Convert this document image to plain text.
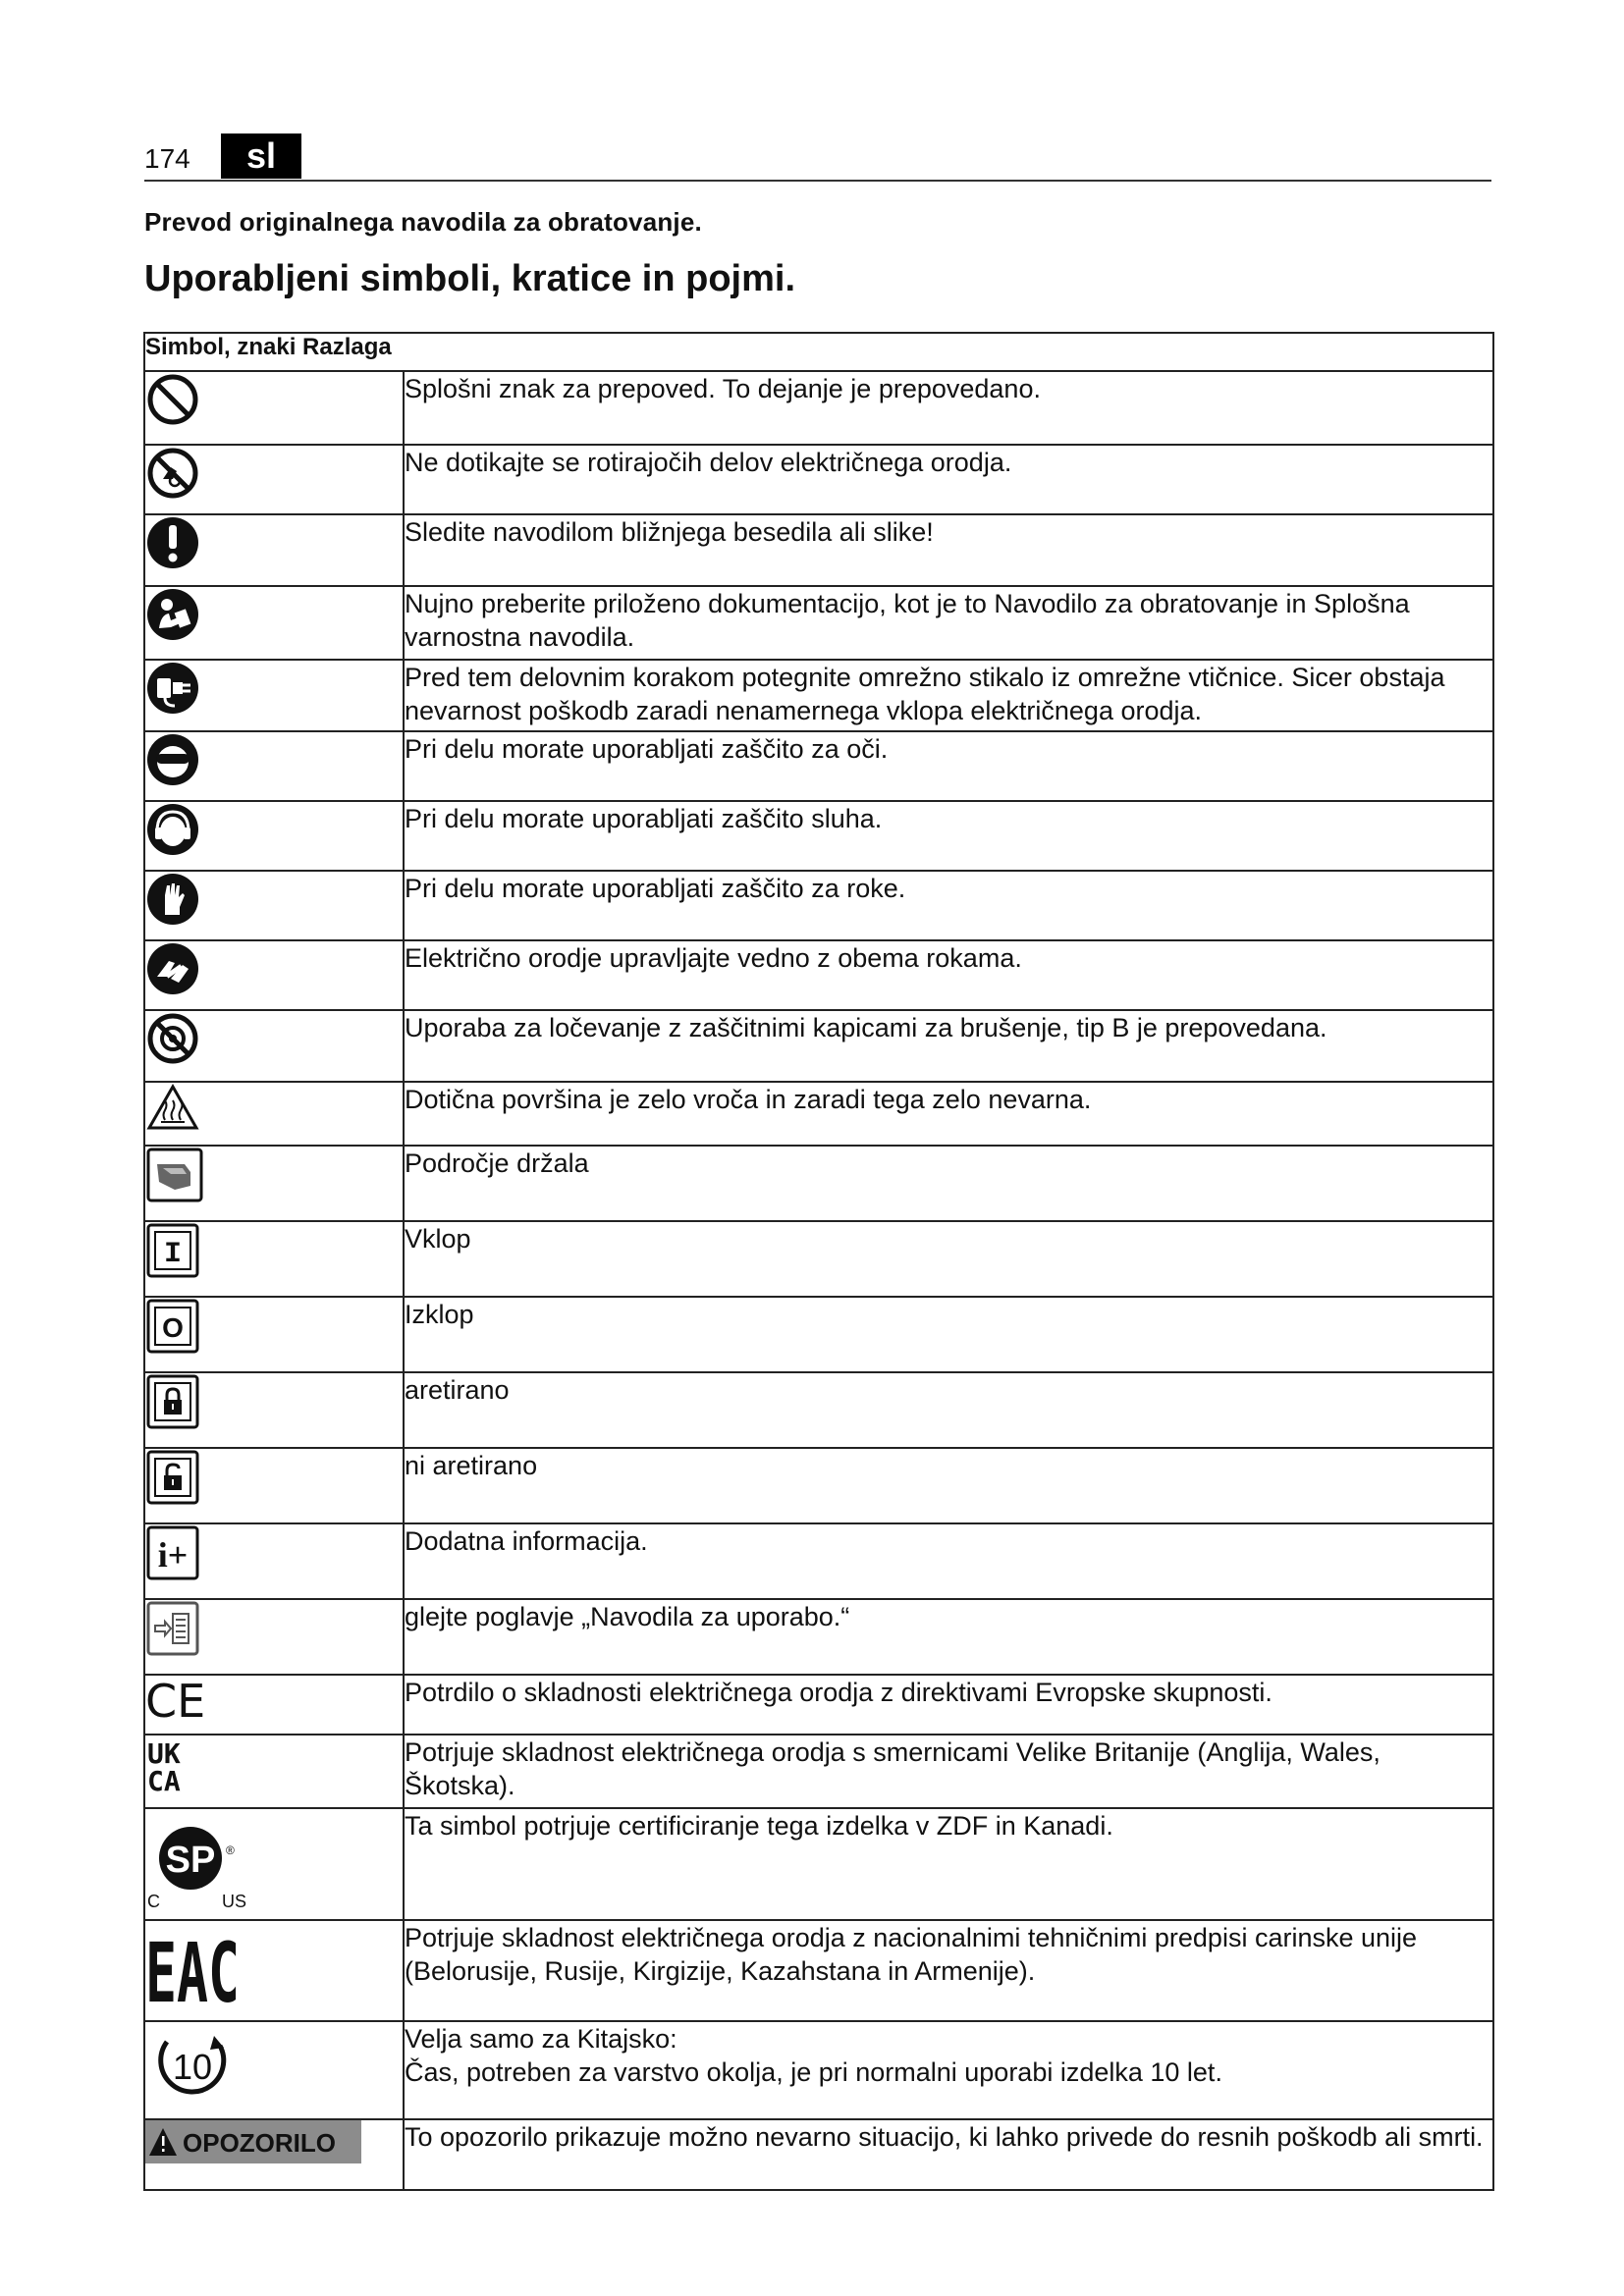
174	sl
Prevod originalnega navodila za obratovanje.
Uporabljeni simboli, kratice in pojmi.
Simbol, znaki Razlaga	

	Splošni znak za prepoved. To dejanje je prepovedano.

	Ne dotikajte se rotirajočih delov električnega orodja.

	Sledite navodilom bližnjega besedila ali slike!

	Nujno preberite priloženo dokumentacijo, kot je to Navodilo za obratovanje in Splošna varnostna navodila.

	Pred tem delovnim korakom potegnite omrežno stikalo iz omrežne vtičnice. Sicer obstaja nevarnost poškodb zaradi nenamernega vklopa električnega orodja.

	Pri delu morate uporabljati zaščito za oči.

	Pri delu morate uporabljati zaščito sluha.

	Pri delu morate uporabljati zaščito za roke.

	Električno orodje upravljajte vedno z obema rokama.

	Uporaba za ločevanje z zaščitnimi kapicami za brušenje, tip B je prepovedana.

	Dotična površina je zelo vroča in zaradi tega zelo nevarna.

	Področje držala

I	Vklop

O	Izklop

	aretirano

	ni aretirano

i+	Dodatna informacija.

	glejte poglavje „Navodila za uporabo.“

CE	Potrdilo o skladnosti električnega orodja z direktivami Evropske skupnosti.

UK
CA	Potrjuje skladnost električnega orodja s smernicami Velike Britanije (Anglija, Wales, Škotska).

SP
C US
®	Ta simbol potrjuje certificiranje tega izdelka v ZDF in Kanadi.

EAC	Potrjuje skladnost električnega orodja z nacionalnimi tehničnimi predpisi carinske unije (Belorusije, Rusije, Kirgizije, Kazahstana in Armenije).

10	Velja samo za Kitajsko:
Čas, potreben za varstvo okolja, je pri normalni uporabi izdelka 10 let.

OPOZORILO	To opozorilo prikazuje možno nevarno situacijo, ki lahko privede do resnih poškodb ali smrti.
